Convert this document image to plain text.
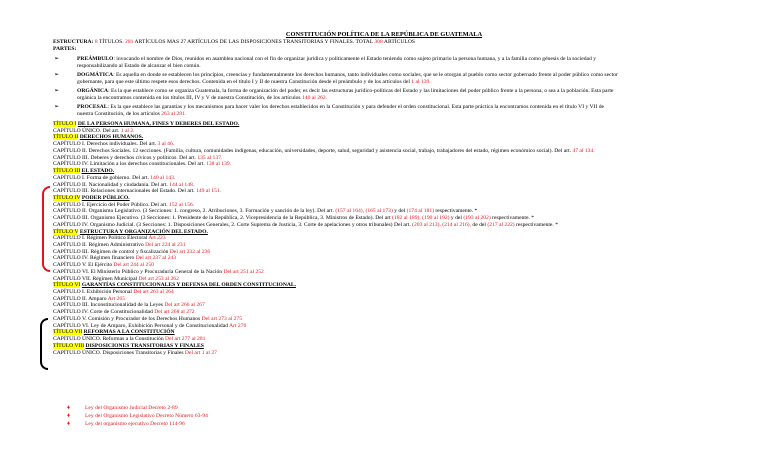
CONSTITUCIÓN POLÍTICA DE LA REPÚBLICA DE GUATEMALA
ESTRUCTURA: 8 TÍTULOS. 281 ARTÍCULOS MAS 27 ARTÍCULOS DE LAS DISPOSICIONES TRANSITORIAS Y FINALES. TOTAL 308 ARTÍCULOS
PARTES:
➢	PREÁMBULO: invocando el nombre de Dios, reunidos en asamblea nacional con el fin de organizar jurídica y políticamente el Estado teniendo como sujeto primario la persona humana, y a la familia como génesis de la sociedad y
responsabilizando al Estado de alcanzar el bien común.
➢	DOGMÁTICA: Es aquella en donde se establecen los principios, creencias y fundamentalmente los derechos humanos, tanto individuales como sociales, que se le otorgan al pueblo como sector gobernado frente al poder público como sector
gobernante, para que este último respete esos derechos. Contenida en el título I y II de nuestra Constitución desde el preámbulo y de los artículos del 1 al 139.
➢	ORGÁNICA: Es la que establece como se organiza Guatemala, la forma de organización del poder, es decir las estructuras jurídico-políticas del Estado y las limitaciones del poder público frente a la persona, o sea a la población. Esta parte
orgánica la encontramos contenida en los títulos III, IV y V de nuestra Constitución, de los artículos 140 al 262.
➢	PROCESAL: Es la que establece las garantías y los mecanismos para hacer valer los derechos establecidos en la Constitución y para defender el orden constitucional. Esta parte práctica la encontramos contenida en el título VI y VII de
nuestra Constitución, de los artículos 263 al 281.
TÍTULO I DE LA PERSONA HUMANA, FINES Y DEBERES DEL ESTADO.
CAPÍTULO ÚNICO. Del art. 1 al 2.
TÍTULO II DERECHOS HUMANOS.
CAPÍTULO I. Derechos individuales. Del art. 3 al 46.
CAPÍTULO II. Derechos Sociales. 12 secciones. (Familia, cultura, comunidades indígenas, educación, universidades, deporte, salud, seguridad y asistencia social, trabajo, trabajadores del estado, régimen económico social). Del art. 47 al 134.
CAPÍTULO III. Deberes y derechos cívicos y políticos. Del art. 135 al 137.
CAPÍTULO IV. Limitación a los derechos constitucionales. Del art. 138 al 139.
TÍTULO III EL ESTADO.
CAPÍTULO I. Forma de gobierno. Del art. 140 al 143.
CAPÍTULO II. Nacionalidad y ciudadanía. Del art. 144 al 148.
CAPÍTULO III. Relaciones internacionales del Estado. Del art. 149 al 151.
TÍTULO IV PODER PÚBLICO.
CAPÍTULO I. Ejercicio del Poder Público. Del art. 152 al 156.
CAPÍTULO II. Organismo Legislativo. (3 Secciones: 1. congreso, 2. Atribuciones, 3. Formación y sanción de la ley). Del art. (157 al 164), (165 al 173) y del (174 al 181) respectivamente. *
CAPÍTULO III. Organismo Ejecutivo. (3 Secciones: 1. Presidente de la República, 2. Vicepresidencia de la República, 3. Ministros de Estado). Del art (182 al 189), (190 al 192) y del (193 al 202) respectivamente. *
CAPÍTULO IV. Organismo Judicial. (3 Secciones: 1. Disposiciones Generales, 2. Corte Suprema de Justicia, 3. Corte de apelaciones y otros tribunales) Del art. (203 al 213), (214 al 216), de del (217 al 222) respectivamente. *
TÍTULO V ESTRUCTURA Y ORGANIZACIÓN DEL ESTADO.
CAPÍTULO I. Régimen Político Electoral Art 223
CAPÍTULO II. Régimen Administrativo Del art 224 al 231
CAPÍTULO III. Régimen de control y fiscalización Del art 232 al 236
CAPÍTULO IV. Régimen financiero Del art 237 al 243
CAPÍTULO V. El Ejército Del art 244 al 250
CAPÍTULO VI. El Ministerio Público y Procuraduría General de la Nación Del art 251 al 252
CAPÍTULO VII. Régimen Municipal Del art 253 al 262
TÍTULO VI GARANTÍAS CONSTITUCIONALES Y DEFENSA DEL ORDEN CONSTITUCIONAL.
CAPÍTULO I. Exhibición Personal Del art 263 al 264
CAPÍTULO II. Amparo Art 265
CAPÍTULO III. Inconstitucionalidad de la Leyes Del art 266 al 267
CAPÍTULO IV. Corte de Constitucionalidad Del art 268 al 272
CAPÍTULO V. Comisión y Procurador de los Derechos Humanos Del art 273 al 275
CAPÍTULO VI. Ley de Amparo, Exhibición Personal y de Constitucionalidad Art 276
TÍTULO VII REFORMAS A LA CONSTITUCIÓN
CAPÍTULO ÚNICO. Reformas a la Constitución Del art 277 al 281
TÍTULO VIII DISPOSICIONES TRANSITORIAS Y FINALES
CAPÍTULO ÚNICO. Disposiciones Transitorias y Finales Del art 1 al 27
♦	Ley del Organismo Judicial Decreto 2-89
♦	Ley del Organismo Legislativo Decreto Número 63-94
♦	Ley del organismo ejecutivo Decreto 114-96
